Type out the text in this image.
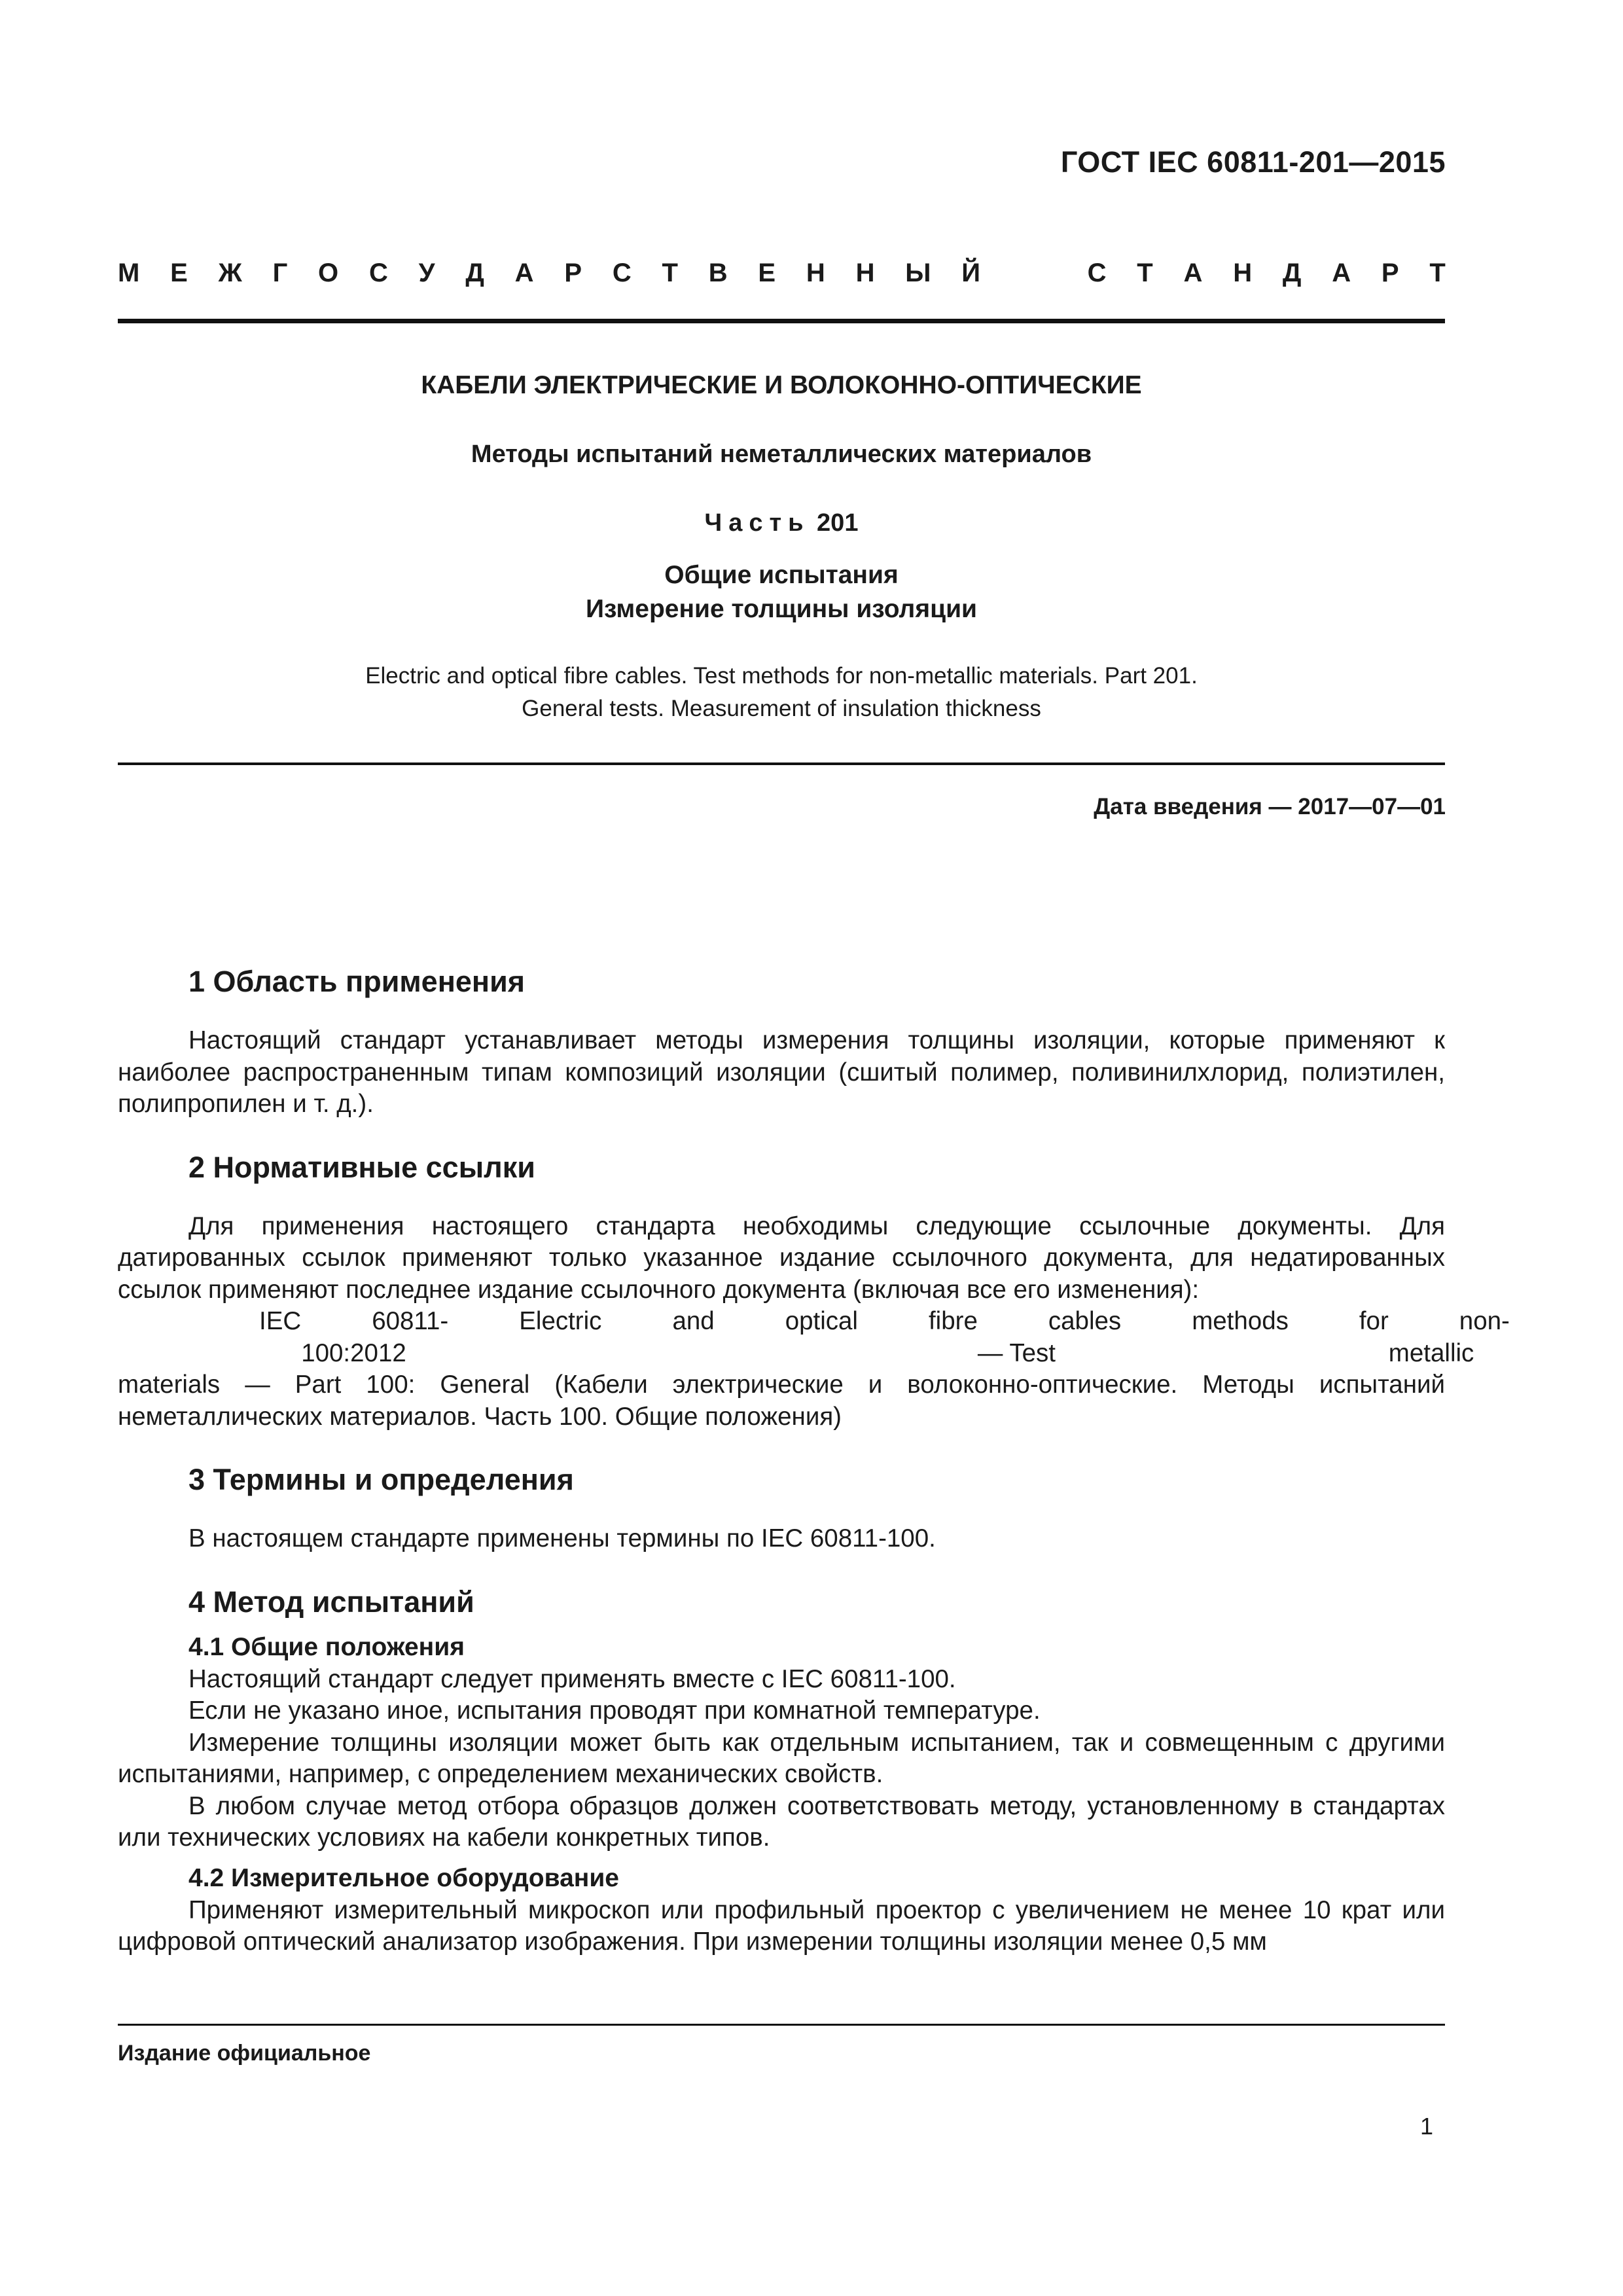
ГОСТ IEC 60811-201—2015
М Е Ж Г О С У Д А Р С Т В Е Н Н Ы Й	С Т А Н Д А Р Т
КАБЕЛИ ЭЛЕКТРИЧЕСКИЕ И ВОЛОКОННО-ОПТИЧЕСКИЕ
Методы испытаний неметаллических материалов
Часть 201
Общие испытания
Измерение толщины изоляции
Electric and optical fibre cables. Test methods for non-metallic materials. Part 201.
General tests. Measurement of insulation thickness
Дата введения — 2017—07—01
1 Область применения

Настоящий стандарт устанавливает методы измерения толщины изоляции, которые применяют к наиболее распространенным типам композиций изоляции (сшитый полимер, поливинилхлорид, полиэтилен, полипропилен и т. д.).

2 Нормативные ссылки

Для применения настоящего стандарта необходимы следующие ссылочные документы. Для датированных ссылок применяют только указанное издание ссылочного документа, для недатированных ссылок применяют последнее издание ссылочного документа (включая все его изменения):

IEC	60811-100:2012
Electric	and	optical	fibre	cables — Test
methods	for	non-metallic

materials — Part 100: General (Кабели электрические и волоконно-оптические. Методы испытаний неметаллических материалов. Часть 100. Общие положения)

3 Термины и определения

В настоящем стандарте применены термины по IEC 60811-100.

4 Метод испытаний
4.1 Общие положения

Настоящий стандарт следует применять вместе с IEC 60811-100.

Если не указано иное, испытания проводят при комнатной температуре.

Измерение толщины изоляции может быть как отдельным испытанием, так и совмещенным с другими испытаниями, например, с определением механических свойств.

В любом случае метод отбора образцов должен соответствовать методу, установленному в стандартах или технических условиях на кабели конкретных типов.

4.2 Измерительное оборудование

Применяют измерительный микроскоп или профильный проектор с увеличением не менее 10 крат или цифровой оптический анализатор изображения. При измерении толщины изоляции менее 0,5 мм

Издание официальное
1
